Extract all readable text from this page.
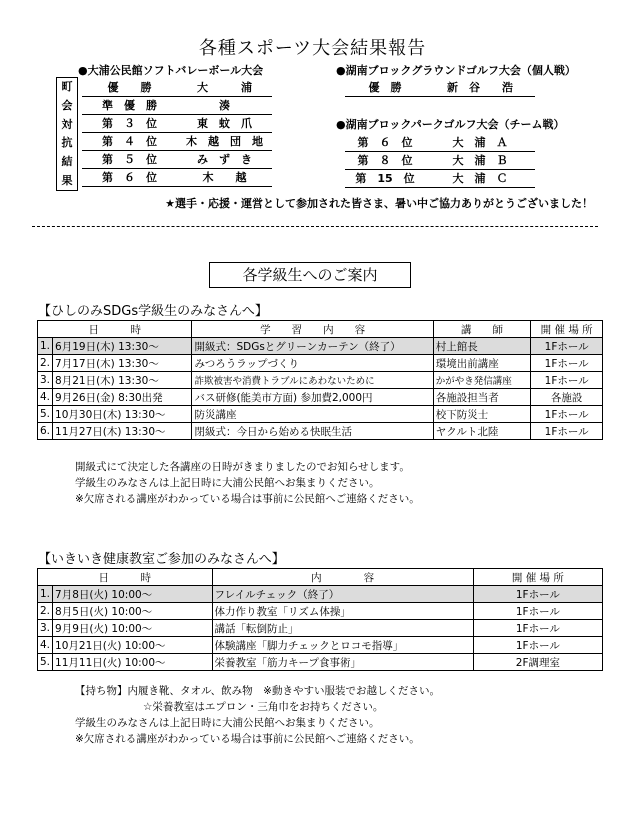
各種スポーツ大会結果報告
町
会
対
抗
結
果
●大浦公民館ソフトバレーボール大会
優　　勝	大　　　浦
準　優　勝	湊
第　３　位	東　蚊　爪
第　４　位	木　越　団　地
第　５　位	み　ず　き
第　６　位	木　　越
●湖南ブロックグラウンドゴルフ大会（個人戦）
優　勝	新　谷　　浩
●湖南ブロックパークゴルフ大会（チーム戦）
第　６　位	大　浦　Ａ
第　８　位	大　浦　Ｂ
第　15　位	大　浦　Ｃ
★選手・応援・運営として参加された皆さま、暑い中ご協力ありがとうございました！
各学級生へのご案内
【ひしのみSDGs学級生のみなさんへ】
日　　　時		学　　習　　内　　容	講　　師	開 催 場 所
1.	6月19日(木) 13:30～	開級式：SDGsとグリーンカーテン（終了）	村上館長	1Fホール
2.	7月17日(木) 13:30～	みつろうラップづくり	環境出前講座	1Fホール
3.	8月21日(木) 13:30～	詐欺被害や消費トラブルにあわないために	かがやき発信講座	1Fホール
4.	9月26日(金) 8:30出発	バス研修(能美市方面) 参加費2,000円	各施設担当者	各施設
5.	10月30日(木) 13:30～	防災講座	校下防災士	1Fホール
6.	11月27日(木) 13:30～	閉級式：今日から始める快眠生活	ヤクルト北陸	1Fホール
開級式にて決定した各講座の日時がきまりましたのでお知らせします。
学級生のみなさんは上記日時に大浦公民館へお集まりください。
※欠席される講座がわかっている場合は事前に公民館へご連絡ください。
【いきいき健康教室ご参加のみなさんへ】
日　　　時		内　　　　容	開 催 場 所
1.	7月8日(火) 10:00～	フレイルチェック（終了）	1Fホール
2.	8月5日(火) 10:00～	体力作り教室「リズム体操」	1Fホール
3.	9月9日(火) 10:00～	講話「転倒防止」	1Fホール
4.	10月21日(火) 10:00～	体験講座「脚力チェックとロコモ指導」	1Fホール
5.	11月11日(火) 10:00～	栄養教室「筋力キープ食事術」	2F調理室
【持ち物】内履き靴、タオル、飲み物　※動きやすい服装でお越しください。
☆栄養教室はエプロン・三角巾をお持ちください。
学級生のみなさんは上記日時に大浦公民館へお集まりください。
※欠席される講座がわかっている場合は事前に公民館へご連絡ください。
